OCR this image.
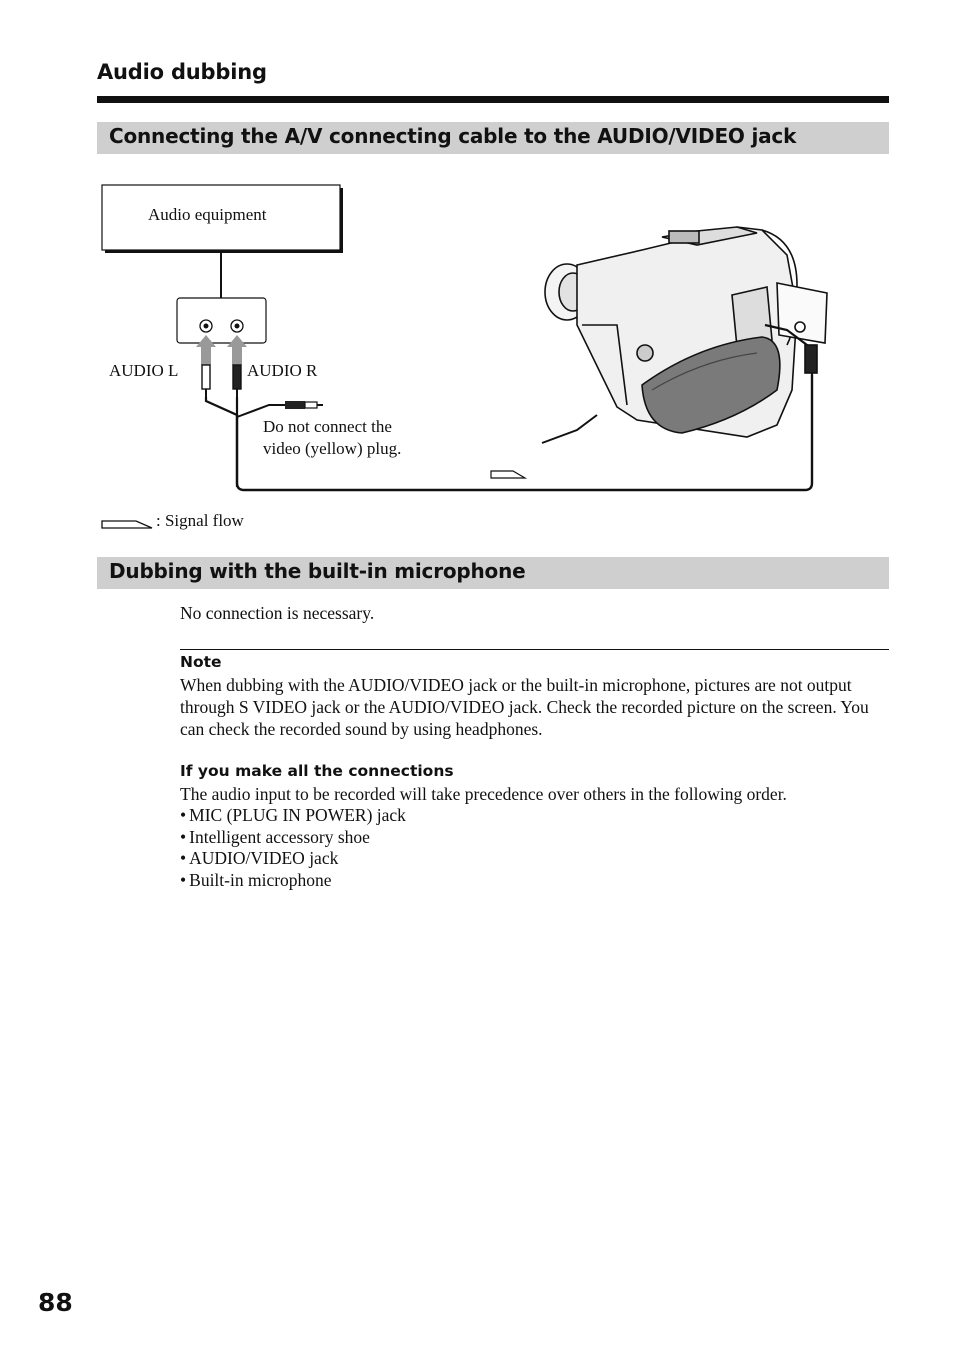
Audio dubbing
Connecting the A/V connecting cable to the AUDIO/VIDEO jack
Audio equipment
AUDIO L	AUDIO R
Do not connect the
video (yellow) plug.
: Signal flow
Dubbing with the built-in microphone
No connection is necessary.
Note
When dubbing with the AUDIO/VIDEO jack or the built-in microphone, pictures are not output through S VIDEO jack or the AUDIO/VIDEO jack. Check the recorded picture on the screen. You can check the recorded sound by using headphones.
If you make all the connections
The audio input to be recorded will take precedence over others in the following order.
• MIC (PLUG IN POWER) jack
• Intelligent accessory shoe
• AUDIO/VIDEO jack
• Built-in microphone
88
